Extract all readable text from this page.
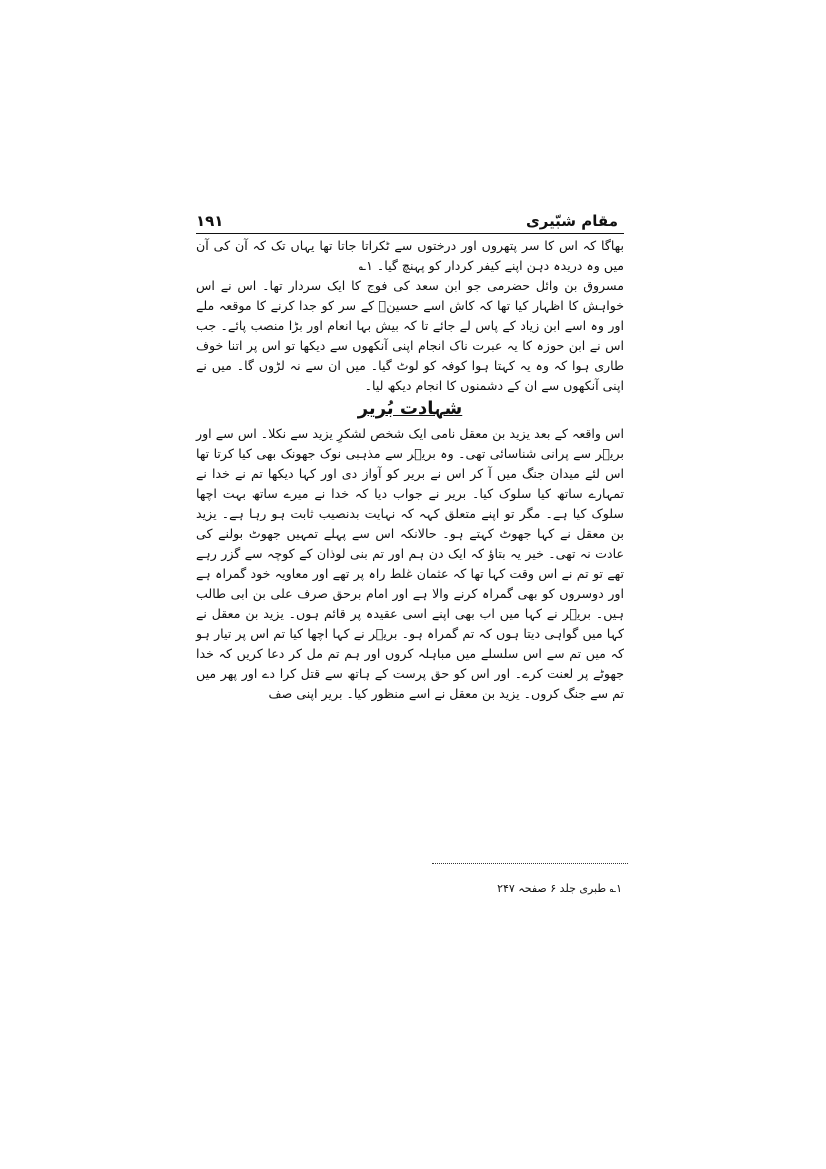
۱۹۱	مقام شبّیری

بھاگا کہ اس کا سر پتھروں اور درختوں سے ٹکراتا جاتا تھا یہاں تک کہ آن کی آن میں وہ دریدہ دہن اپنے کیفر کردار کو پہنچ گیا۔ ۱؎

مسروق بن وائل حضرمی جو ابن سعد کی فوج کا ایک سردار تھا۔ اس نے اس خواہش کا اظہار کیا تھا کہ کاش اسے حسینؑ کے سر کو جدا کرنے کا موقعہ ملے اور وہ اسے ابن زیاد کے پاس لے جائے تا کہ بیش بہا انعام اور بڑا منصب پائے۔ جب اس نے ابن حوزہ کا یہ عبرت ناک انجام اپنی آنکھوں سے دیکھا تو اس پر اتنا خوف طاری ہوا کہ وہ یہ کہتا ہوا کوفہ کو لوٹ گیا۔ میں ان سے نہ لڑوں گا۔ میں نے اپنی آنکھوں سے ان کے دشمنوں کا انجام دیکھ لیا۔

شہادت بُریر

اس واقعہ کے بعد یزید بن معقل نامی ایک شخص لشکرِ یزید سے نکلا۔ اس سے اور بریؔر سے پرانی شناسائی تھی۔ وہ بریؔر سے مذہبی نوک جھونک بھی کیا کرتا تھا اس لئے میدان جنگ میں آ کر اس نے بریر کو آواز دی اور کہا دیکھا تم نے خدا نے تمہارے ساتھ کیا سلوک کیا۔ بریر نے جواب دیا کہ خدا نے میرے ساتھ بہت اچھا سلوک کیا ہے۔ مگر تو اپنے متعلق کہہ کہ نہایت بدنصیب ثابت ہو رہا ہے۔ یزید بن معقل نے کہا جھوٹ کہتے ہو۔ حالانکہ اس سے پہلے تمہیں جھوٹ بولنے کی عادت نہ تھی۔ خیر یہ بتاؤ کہ ایک دن ہم اور تم بنی لوذان کے کوچہ سے گزر رہے تھے تو تم نے اس وقت کہا تھا کہ عثمان غلط راہ پر تھے اور معاویہ خود گمراہ ہے اور دوسروں کو بھی گمراہ کرنے والا ہے اور امام برحق صرف علی بن ابی طالب ہیں۔ بریؔر نے کہا میں اب بھی اپنے اسی عقیدہ پر قائم ہوں۔ یزید بن معقل نے کہا میں گواہی دیتا ہوں کہ تم گمراہ ہو۔ بریؔر نے کہا اچھا کیا تم اس پر تیار ہو کہ میں تم سے اس سلسلے میں مباہلہ کروں اور ہم تم مل کر دعا کریں کہ خدا جھوٹے پر لعنت کرے۔ اور اس کو حق پرست کے ہاتھ سے قتل کرا دے اور پھر میں تم سے جنگ کروں۔ یزید بن معقل نے اسے منظور کیا۔ بریر اپنی صف

۱؎ طبری جلد ۶ صفحہ ۲۴۷
